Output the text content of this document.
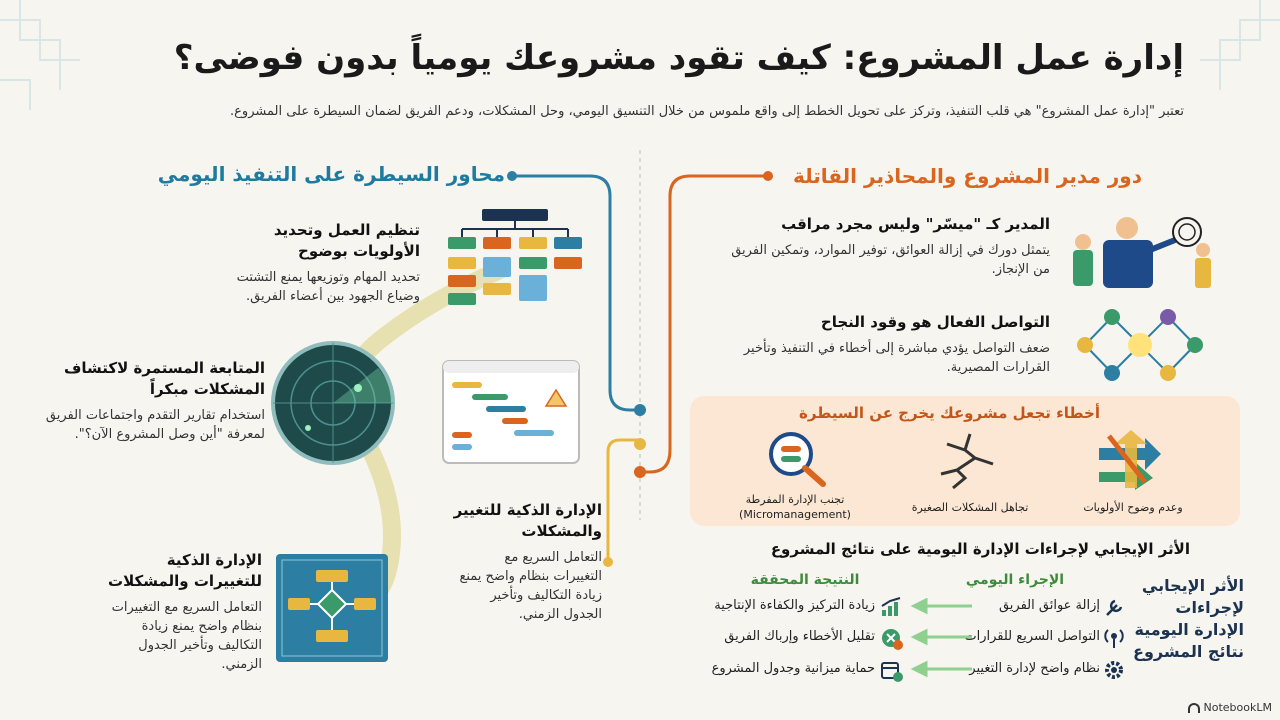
إدارة عمل المشروع: كيف تقود مشروعك يومياً بدون فوضى؟
تعتبر "إدارة عمل المشروع" هي قلب التنفيذ، وتركز على تحويل الخطط إلى واقع ملموس من خلال التنسيق اليومي، وحل المشكلات، ودعم الفريق لضمان السيطرة على المشروع.
دور مدير المشروع والمحاذير القاتلة
محاور السيطرة على التنفيذ اليومي
المدير كـ "ميسّر" وليس مجرد مراقب
يتمثل دورك في إزالة العوائق، توفير الموارد، وتمكين الفريق من الإنجاز.
التواصل الفعال هو وقود النجاح
ضعف التواصل يؤدي مباشرة إلى أخطاء في التنفيذ وتأخير القرارات المصيرية.
أخطاء تجعل مشروعك يخرج عن السيطرة
تجنب الإدارة المفرطة
(Micromanagement)
تجاهل المشكلات الصغيرة	وعدم وضوح الأولويات
تنظيم العمل وتحديد الأولويات بوضوح
تحديد المهام وتوزيعها يمنع التشتت وضياع الجهود بين أعضاء الفريق.
المتابعة المستمرة لاكتشاف المشكلات مبكراً
استخدام تقارير التقدم واجتماعات الفريق لمعرفة "أين وصل المشروع الآن؟".
الإدارة الذكية للتغيير والمشكلات
التعامل السريع مع التغييرات بنظام واضح يمنع زيادة التكاليف وتأخير الجدول الزمني.
الإدارة الذكية للتغييرات والمشكلات
التعامل السريع مع التغييرات بنظام واضح يمنع زيادة التكاليف وتأخير الجدول الزمني.
الأثر الإيجابي لإجراءات الإدارة اليومية على نتائج المشروع
الأثر الإيجابي لإجراءات الإدارة اليومية نتائج المشروع
الإجراء اليومي
النتيجة المحققة
إزالة عوائق الفريق
التواصل السريع للقرارات
نظام واضح لإدارة التغيير
زيادة التركيز والكفاءة الإنتاجية
تقليل الأخطاء وإرباك الفريق
حماية ميزانية وجدول المشروع
NotebookLM
